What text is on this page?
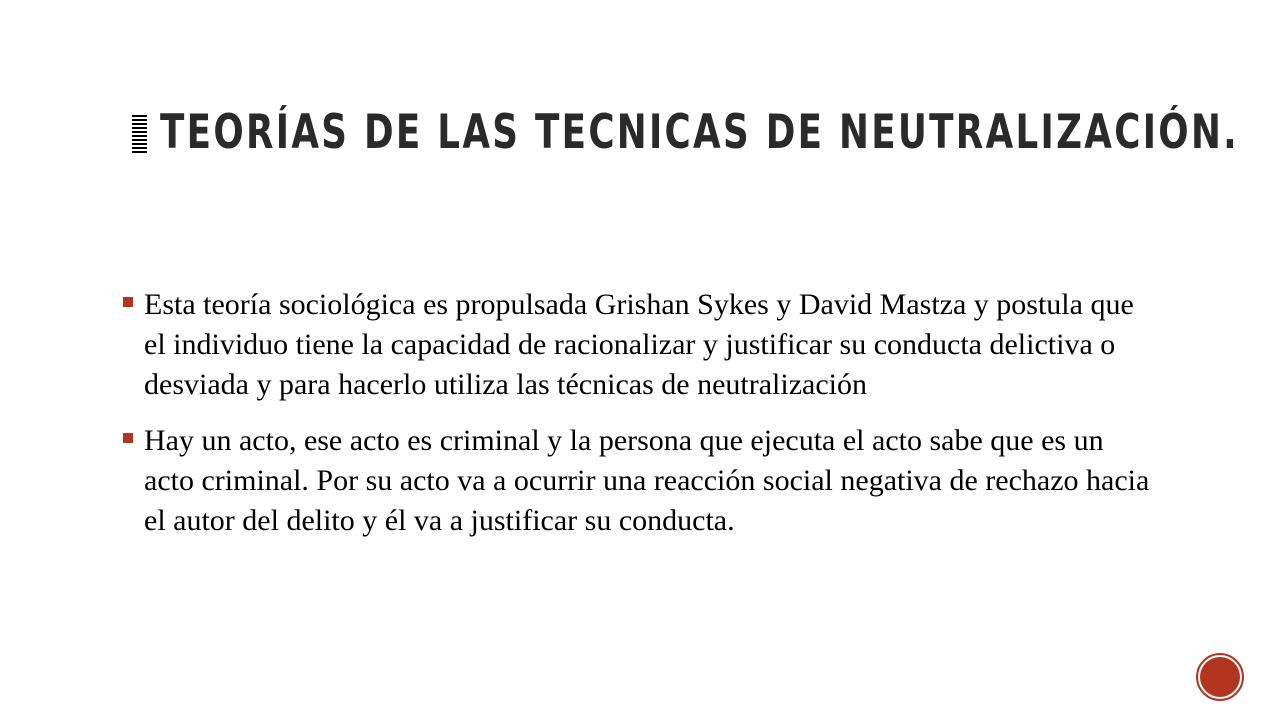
TEORÍAS DE LAS TECNICAS DE NEUTRALIZACIÓN.
Esta teoría sociológica es propulsada Grishan Sykes y David Mastza y postula que el individuo tiene la capacidad de racionalizar y justificar su conducta delictiva o desviada y para hacerlo utiliza las técnicas de neutralización
Hay un acto, ese acto es criminal y la persona que ejecuta el acto sabe que es un acto criminal. Por su acto va a ocurrir una reacción social negativa de rechazo hacia el autor del delito y él va a justificar su conducta.
